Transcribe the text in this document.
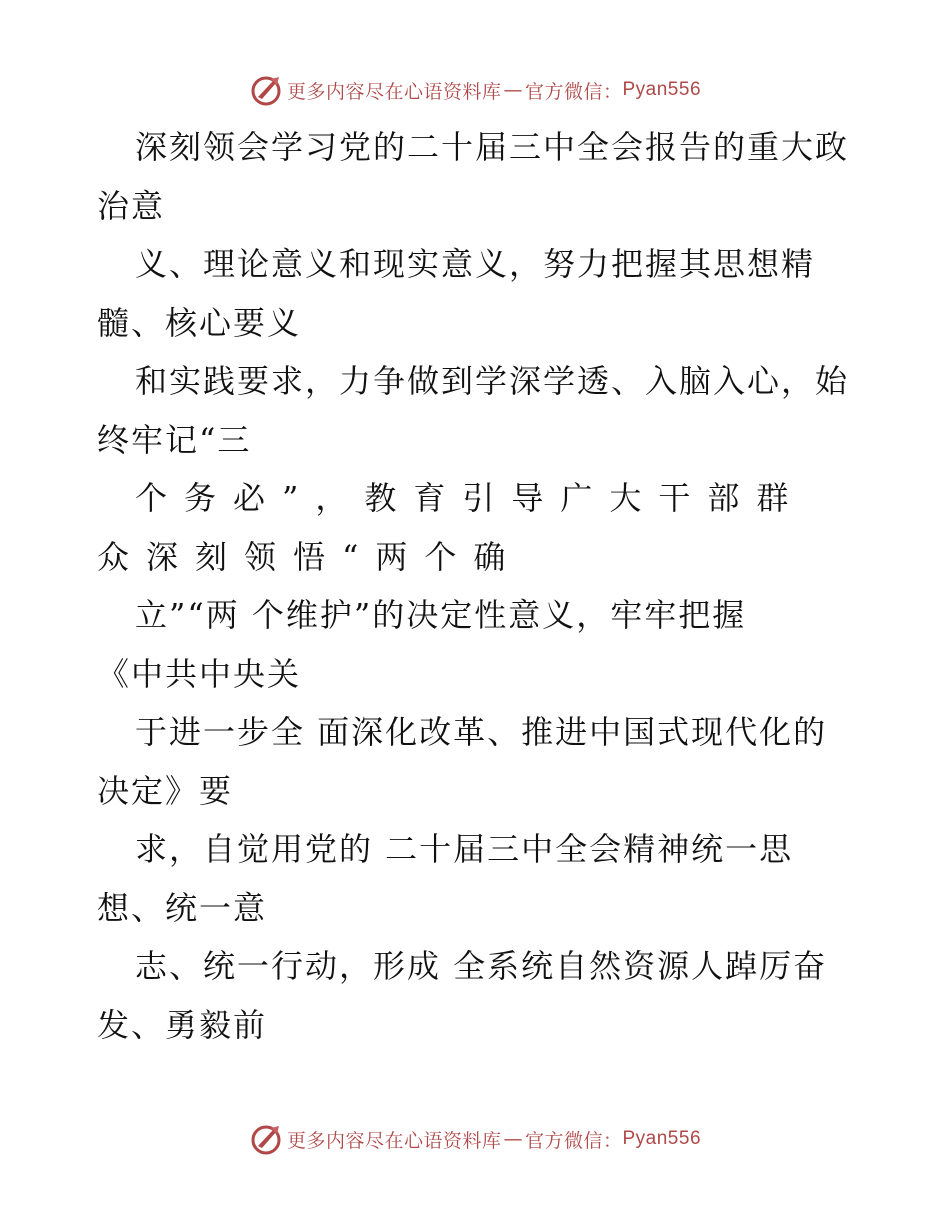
更多内容尽在心语资料库 — 官方微信： Pyan556
深刻领会学习党的二十届三中全会报告的重大政
治意
义、理论意义和现实意义，努力把握其思想精
髓、核心要义
和实践要求，力争做到学深学透、入脑入心，始
终牢记“三
个务必”，教育引导广大干部群
众深刻领悟“两个确
立”“两 个维护”的决定性意义，牢牢把握
《中共中央关
于进一步全 面深化改革、推进中国式现代化的
决定》要
求，自觉用党的 二十届三中全会精神统一思
想、统一意
志、统一行动，形成 全系统自然资源人踔厉奋
发、勇毅前
更多内容尽在心语资料库 — 官方微信： Pyan556
